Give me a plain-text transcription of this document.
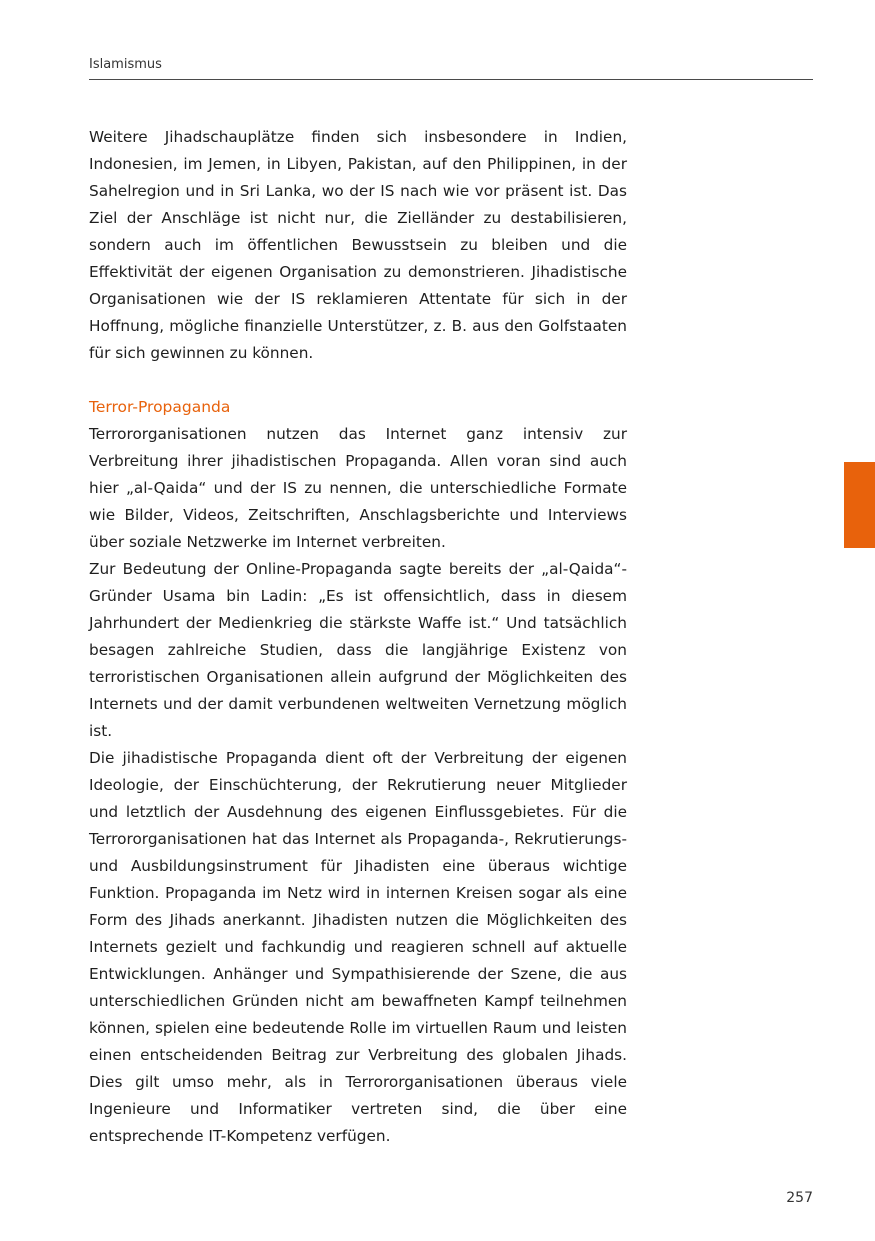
Islamismus

Weitere Jihadschauplätze finden sich insbesondere in Indien, Indonesien, im Jemen, in Libyen, Pakistan, auf den Philippinen, in der Sahelregion und in Sri Lanka, wo der IS nach wie vor präsent ist. Das Ziel der Anschläge ist nicht nur, die Zielländer zu destabilisieren, sondern auch im öffentlichen Bewusstsein zu bleiben und die Effektivität der eigenen Organisation zu demonstrieren. Jihadistische Organisationen wie der IS reklamieren Attentate für sich in der Hoffnung, mögliche finanzielle Unterstützer, z. B. aus den Golfstaaten für sich gewinnen zu können.

Terror-Propaganda

Terrororganisationen nutzen das Internet ganz intensiv zur Verbreitung ihrer jihadistischen Propaganda. Allen voran sind auch hier „al-Qaida“ und der IS zu nennen, die unterschiedliche Formate wie Bilder, Videos, Zeitschriften, Anschlagsberichte und Interviews über soziale Netzwerke im Internet verbreiten.

Zur Bedeutung der Online-Propaganda sagte bereits der „al-Qaida“-Gründer Usama bin Ladin: „Es ist offensichtlich, dass in diesem Jahrhundert der Medienkrieg die stärkste Waffe ist.“ Und tatsächlich besagen zahlreiche Studien, dass die langjährige Existenz von terroristischen Organisationen allein aufgrund der Möglichkeiten des Internets und der damit verbundenen weltweiten Vernetzung möglich ist.

Die jihadistische Propaganda dient oft der Verbreitung der eigenen Ideologie, der Einschüchterung, der Rekrutierung neuer Mitglieder und letztlich der Ausdehnung des eigenen Einflussgebietes. Für die Terrororganisationen hat das Internet als Propaganda-, Rekrutierungs- und Ausbildungsinstrument für Jihadisten eine überaus wichtige Funktion. Propaganda im Netz wird in internen Kreisen sogar als eine Form des Jihads anerkannt. Jihadisten nutzen die Möglichkeiten des Internets gezielt und fachkundig und reagieren schnell auf aktuelle Entwicklungen. Anhänger und Sympathisierende der Szene, die aus unterschiedlichen Gründen nicht am bewaffneten Kampf teilnehmen können, spielen eine bedeutende Rolle im virtuellen Raum und leisten einen entscheidenden Beitrag zur Verbreitung des globalen Jihads. Dies gilt umso mehr, als in Terrororganisationen überaus viele Ingenieure und Informatiker vertreten sind, die über eine entsprechende IT-Kompetenz verfügen.

257
